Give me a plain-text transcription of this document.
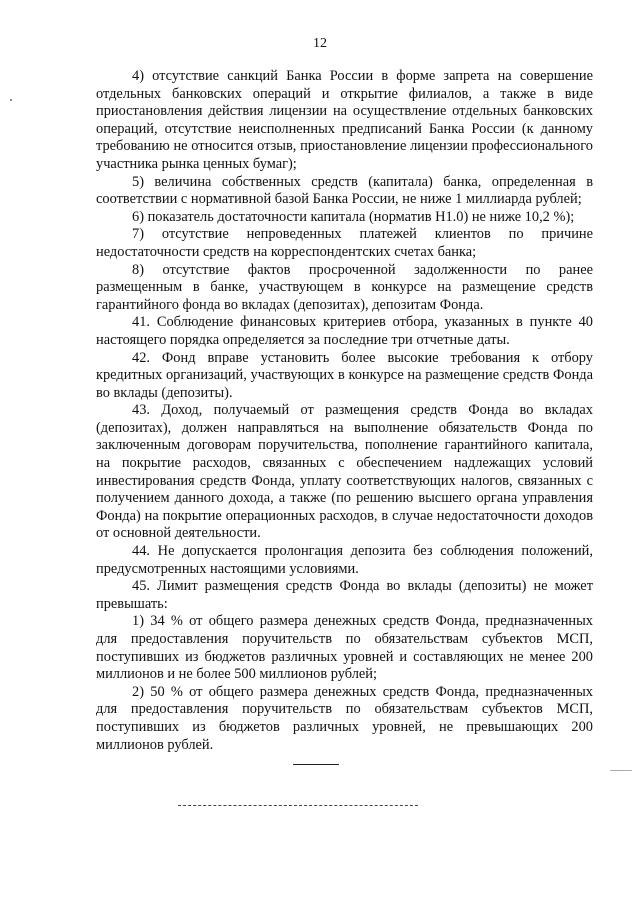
12

4) отсутствие санкций Банка России в форме запрета на совершение отдельных банковских операций и открытие филиалов, а также в виде приостановления действия лицензии на осуществление отдельных банковских операций, отсутствие неисполненных предписаний Банка России (к данному требованию не относится отзыв, приостановление лицензии профессионального участника рынка ценных бумаг);

5) величина собственных средств (капитала) банка, определенная в соответствии с нормативной базой Банка России, не ниже 1 миллиарда рублей;

6) показатель достаточности капитала (норматив Н1.0) не ниже 10,2 %);

7) отсутствие непроведенных платежей клиентов по причине недостаточности средств на корреспондентских счетах банка;

8) отсутствие фактов просроченной задолженности по ранее размещенным в банке, участвующем в конкурсе на размещение средств гарантийного фонда во вкладах (депозитах), депозитам Фонда.

41. Соблюдение финансовых критериев отбора, указанных в пункте 40 настоящего порядка определяется за последние три отчетные даты.

42. Фонд вправе установить более высокие требования к отбору кредитных организаций, участвующих в конкурсе на размещение средств Фонда во вклады (депозиты).

43. Доход, получаемый от размещения средств Фонда во вкладах (депозитах), должен направляться на выполнение обязательств Фонда по заключенным договорам поручительства, пополнение гарантийного капитала, на покрытие расходов, связанных с обеспечением надлежащих условий инвестирования средств Фонда, уплату соответствующих налогов, связанных с получением данного дохода, а также (по решению высшего органа управления Фонда) на покрытие операционных расходов, в случае недостаточности доходов от основной деятельности.

44. Не допускается пролонгация депозита без соблюдения положений, предусмотренных настоящими условиями.

45. Лимит размещения средств Фонда во вклады (депозиты) не может превышать:

1) 34 % от общего размера денежных средств Фонда, предназначенных для предоставления поручительств по обязательствам субъектов МСП, поступивших из бюджетов различных уровней и составляющих не менее 200 миллионов и не более 500 миллионов рублей;

2) 50 % от общего размера денежных средств Фонда, предназначенных для предоставления поручительств по обязательствам субъектов МСП, поступивших из бюджетов различных уровней, не превышающих 200 миллионов рублей.
